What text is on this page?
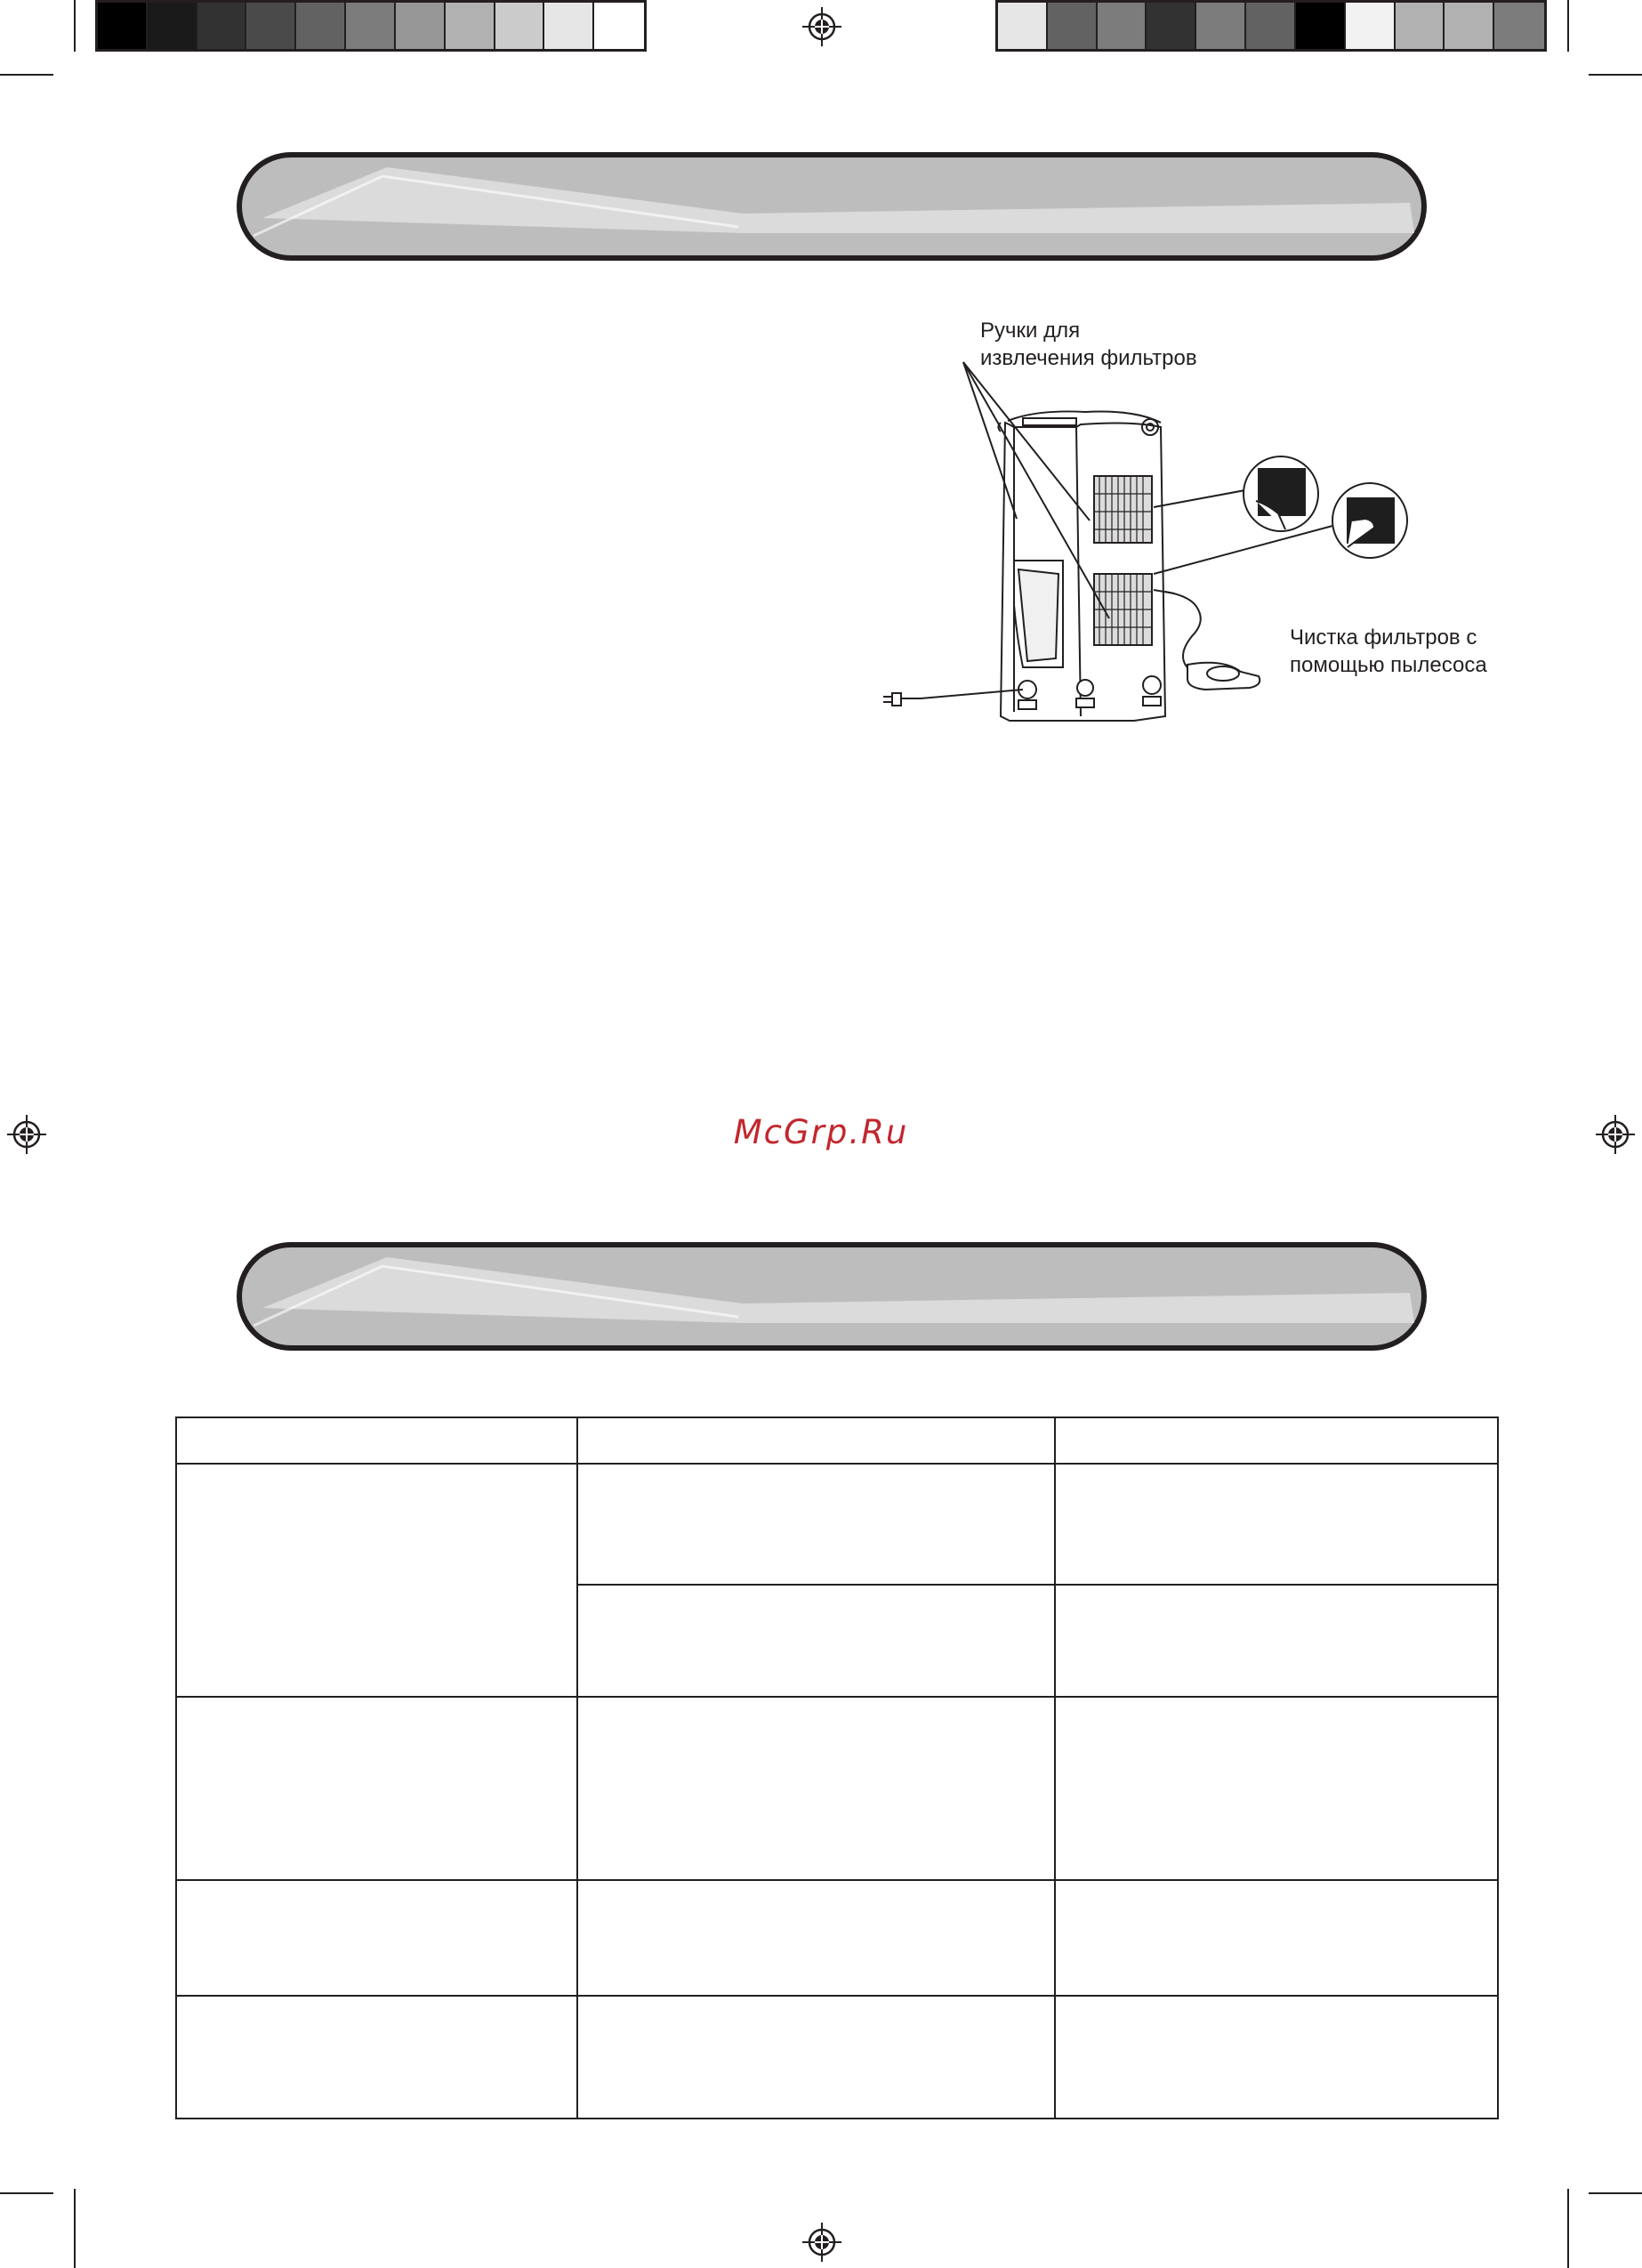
Ручки для
извлечения фильтров
Чистка фильтров с
помощью пылесоса
McGrp.Ru
